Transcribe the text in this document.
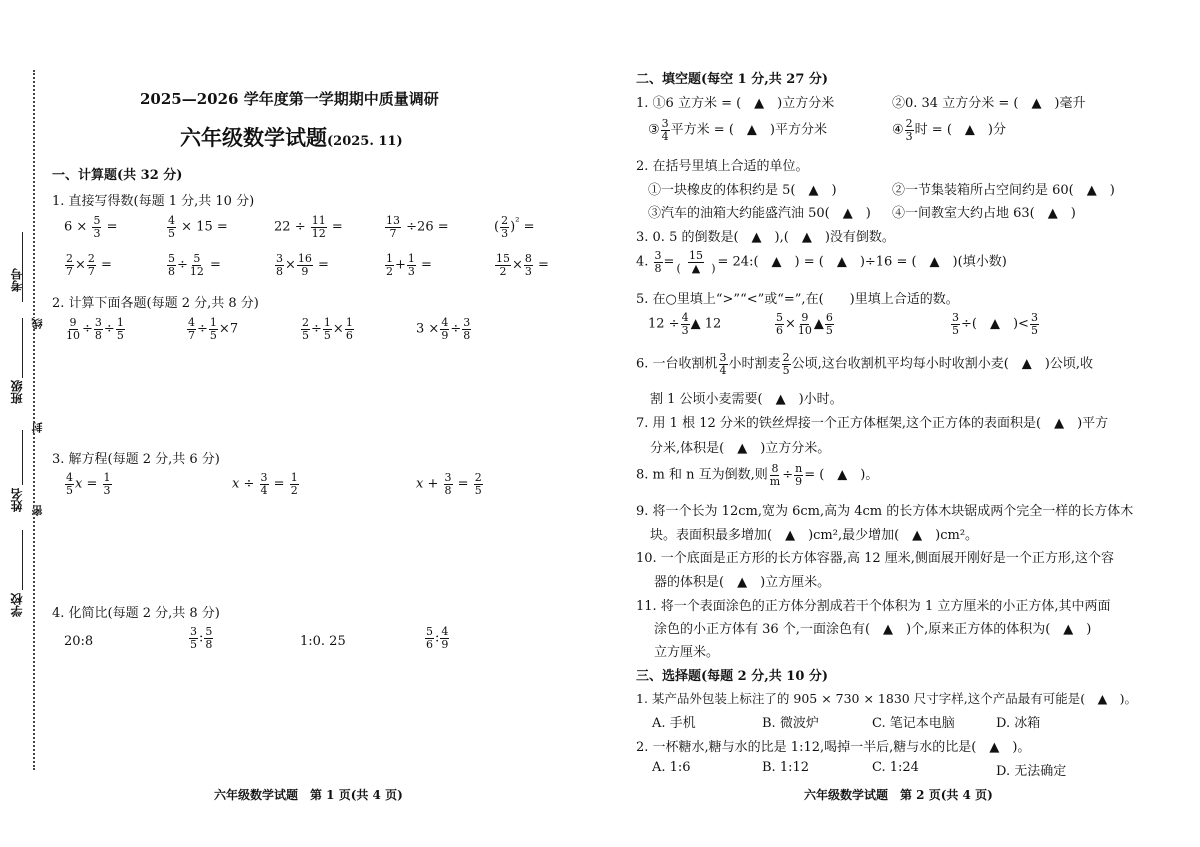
考号
班级
姓名
学校
线
封
密
2025—2026 学年度第一学期期中质量调研
六年级数学试题(2025. 11)
一、计算题(共 32 分)
1. 直接写得数(每题 1 分,共 10 分)
$6 \times \frac{5}{3}$ =	$\frac{4}{5} \times 15$ =	$22 \div \frac{11}{12}$ =	$\frac{13}{7} \div 26$ =	( $\frac{2}{3} )^{^2}$ =
$\frac{2}{7} \times \frac{2}{7}$ =	$\frac{5}{8} \div \frac{5}{12}$ =	$\frac{3}{8} \times \frac{16}{9}$ =	$\frac{1}{2} + \frac{1}{3}$ =	$\frac{15}{2} \times \frac{8}{3}$ =
2. 计算下面各题(每题 2 分,共 8 分)
$\frac{9}{10} \div \frac{3}{8} \div \frac{1}{5}$	$\frac{4}{7} \div \frac{1}{5} \times 7$	$\frac{2}{5} \div \frac{1}{5} \times \frac{1}{6}$	$3 \times \frac{4}{9} \div \frac{3}{8}$
3. 解方程(每题 2 分,共 6 分)
$\frac{4}{5}$ $x = \frac{1}{3}$	$x \div \frac{3}{4} = \frac{1}{2}$	$x + \frac{3}{8} = \frac{2}{5}$
4. 化简比(每题 2 分,共 8 分)
20:8	$\frac{3}{5}$ : $\frac{5}{8}$	1:0. 25	$\frac{5}{6}$ : $\frac{4}{9}$
六年级数学试题　第 1 页(共 4 页)
二、填空题(每空 1 分,共 27 分)
1. ①6 立方米 = (　▲　)立方分米	②0. 34 立方分米 = (　▲　)毫升
③ $\frac{3}{4}$ 平方米 = (　▲　)平方分米	④ $\frac{2}{3}$ 时 = (　▲　)分
2. 在括号里填上合适的单位。
①一块橡皮的体积约是 5(　▲　)	②一节集装箱所占空间约是 60(　▲　)
③汽车的油箱大约能盛汽油 50(　▲　) ④一间教室大约占地 63(　▲　)
3. 0. 5 的倒数是(　▲　),(　▲　)没有倒数。
4. $\frac{3}{8} = 15$
(　▲　) = 24:(　▲　) = (　▲　)÷16 = (　▲　)(填小数)
5. 在○里填上“>”“<”或“=”,在(　　)里填上合适的数。
$12 \div \frac{4}{3}$ ▲ 12	$\frac{5}{6} \times \frac{9}{10}$ ▲ $\frac{6}{5}$	$\frac{3}{5}$ ÷(　▲　)< $\frac{3}{5}$
6. 一台收割机 $\frac{3}{4}$ 小时割麦 $\frac{2}{5}$ 公顷,这台收割机平均每小时收割小麦(　▲　)公顷,收
割 1 公顷小麦需要(　▲　)小时。
7. 用 1 根 12 分米的铁丝焊接一个正方体框架,这个正方体的表面积是(　▲　)平方
分米,体积是(　▲　)立方分米。
8. m 和 n 互为倒数,则 $\frac{8}{m} \div \frac{n}{9}$ = (　▲　)。
9. 将一个长为 12cm,宽为 6cm,高为 4cm 的长方体木块锯成两个完全一样的长方体木
块。表面积最多增加(　▲　)cm²,最少增加(　▲　)cm²。
10. 一个底面是正方形的长方体容器,高 12 厘米,侧面展开刚好是一个正方形,这个容
器的体积是(　▲　)立方厘米。
11. 将一个表面涂色的正方体分割成若干个体积为 1 立方厘米的小正方体,其中两面
涂色的小正方体有 36 个,一面涂色有(　▲　)个,原来正方体的体积为(　▲　)
立方厘米。
三、选择题(每题 2 分,共 10 分)
1. 某产品外包装上标注了的 905 × 730 × 1830 尺寸字样,这个产品最有可能是(　▲　)。
A. 手机	B. 微波炉	C. 笔记本电脑	D. 冰箱
2. 一杯糖水,糖与水的比是 1:12,喝掉一半后,糖与水的比是(　▲　)。
A. 1:6	B. 1:12	C. 1:24	D. 无法确定
六年级数学试题　第 2 页(共 4 页)
